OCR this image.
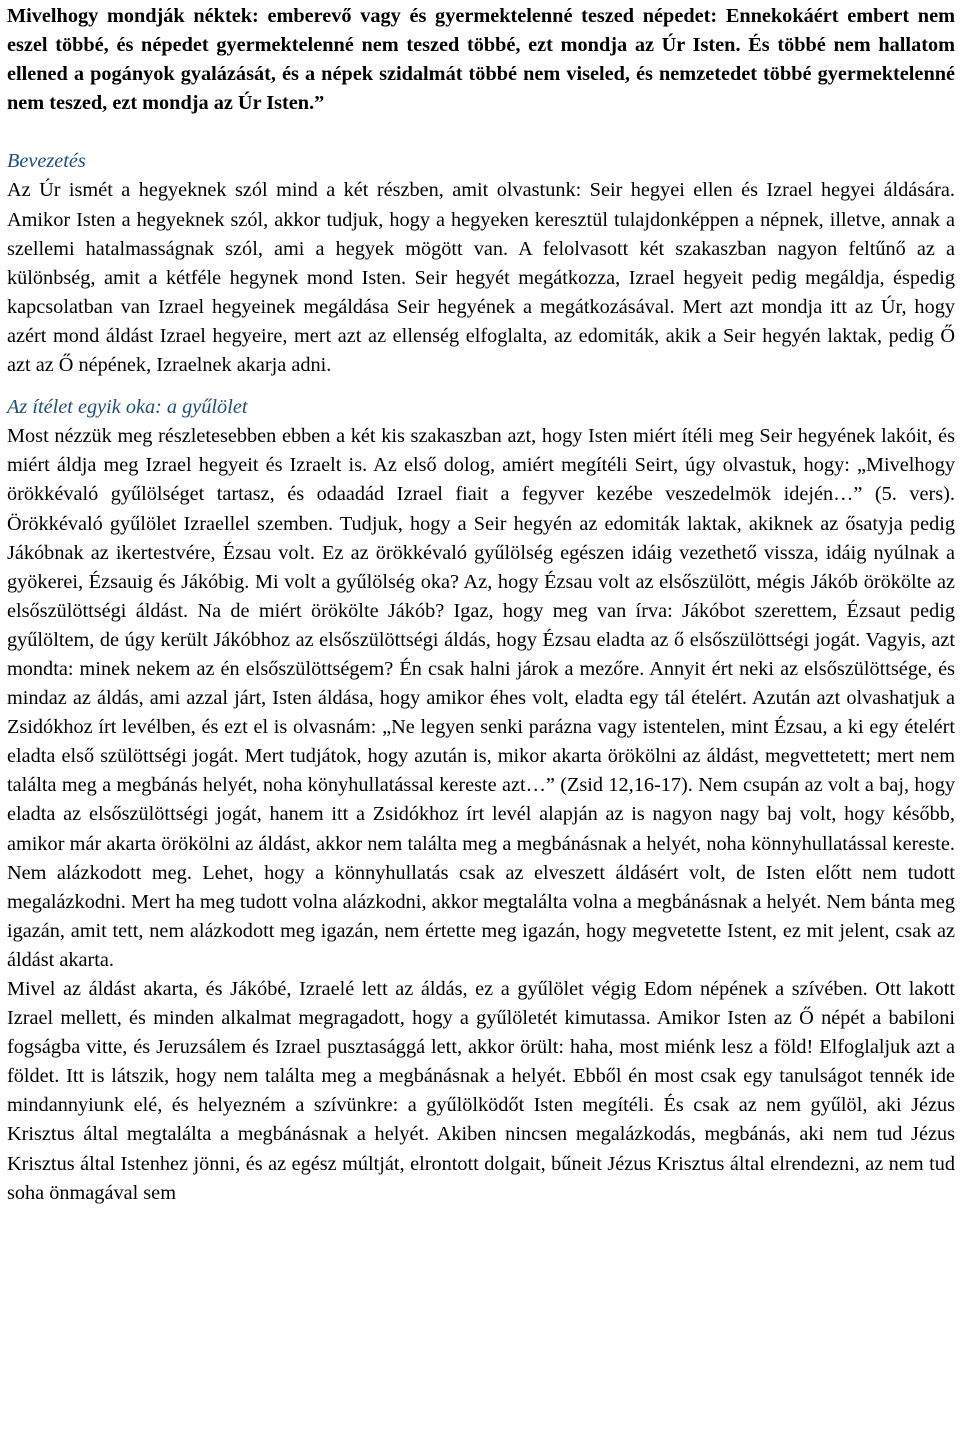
Mivelhogy mondják néktek: emberevő vagy és gyermektelenné teszed népedet: Ennekokáért embert nem eszel többé, és népedet gyermektelenné nem teszed többé, ezt mondja az Úr Isten. És többé nem hallatom ellened a pogányok gyalázását, és a népek szidalmát többé nem viseled, és nemzetedet többé gyermektelenné nem teszed, ezt mondja az Úr Isten.”

Bevezetés

Az Úr ismét a hegyeknek szól mind a két részben, amit olvastunk: Seir hegyei ellen és Izrael hegyei áldására. Amikor Isten a hegyeknek szól, akkor tudjuk, hogy a hegyeken keresztül tulajdonképpen a népnek, illetve, annak a szellemi hatalmasságnak szól, ami a hegyek mögött van. A felolvasott két szakaszban nagyon feltűnő az a különbség, amit a kétféle hegynek mond Isten. Seir hegyét megátkozza, Izrael hegyeit pedig megáldja, éspedig kapcsolatban van Izrael hegyeinek megáldása Seir hegyének a megátkozásával. Mert azt mondja itt az Úr, hogy azért mond áldást Izrael hegyeire, mert azt az ellenség elfoglalta, az edomiták, akik a Seir hegyén laktak, pedig Ő azt az Ő népének, Izraelnek akarja adni.

Az ítélet egyik oka: a gyűlölet

Most nézzük meg részletesebben ebben a két kis szakaszban azt, hogy Isten miért ítéli meg Seir hegyének lakóit, és miért áldja meg Izrael hegyeit és Izraelt is. Az első dolog, amiért megítéli Seirt, úgy olvastuk, hogy: „Mivelhogy örökkévaló gyűlölséget tartasz, és odaadád Izrael fiait a fegyver kezébe veszedelmök idején…” (5. vers). Örökkévaló gyűlölet Izraellel szemben. Tudjuk, hogy a Seir hegyén az edomiták laktak, akiknek az ősatyja pedig Jákóbnak az ikertestvére, Ézsau volt. Ez az örökkévaló gyűlölség egészen idáig vezethető vissza, idáig nyúlnak a gyökerei, Ézsauig és Jákóbig. Mi volt a gyűlölség oka? Az, hogy Ézsau volt az elsőszülött, mégis Jákób örökölte az elsőszülöttségi áldást. Na de miért örökölte Jákób? Igaz, hogy meg van írva: Jákóbot szerettem, Ézsaut pedig gyűlöltem, de úgy került Jákóbhoz az elsőszülöttségi áldás, hogy Ézsau eladta az ő elsőszülöttségi jogát. Vagyis, azt mondta: minek nekem az én elsőszülöttségem? Én csak halni járok a mezőre. Annyit ért neki az elsőszülöttsége, és mindaz az áldás, ami azzal járt, Isten áldása, hogy amikor éhes volt, eladta egy tál ételért. Azután azt olvashatjuk a Zsidókhoz írt levélben, és ezt el is olvasnám: „Ne legyen senki parázna vagy istentelen, mint Ézsau, a ki egy ételért eladta első szülöttségi jogát. Mert tudjátok, hogy azután is, mikor akarta örökölni az áldást, megvettetett; mert nem találta meg a megbánás helyét, noha könyhullatással kereste azt…” (Zsid 12,16-17). Nem csupán az volt a baj, hogy eladta az elsőszülöttségi jogát, hanem itt a Zsidókhoz írt levél alapján az is nagyon nagy baj volt, hogy később, amikor már akarta örökölni az áldást, akkor nem találta meg a megbánásnak a helyét, noha könnyhullatással kereste. Nem alázkodott meg. Lehet, hogy a könnyhullatás csak az elveszett áldásért volt, de Isten előtt nem tudott megalázkodni. Mert ha meg tudott volna alázkodni, akkor megtalálta volna a megbánásnak a helyét. Nem bánta meg igazán, amit tett, nem alázkodott meg igazán, nem értette meg igazán, hogy megvetette Istent, ez mit jelent, csak az áldást akarta.

Mivel az áldást akarta, és Jákóbé, Izraelé lett az áldás, ez a gyűlölet végig Edom népének a szívében. Ott lakott Izrael mellett, és minden alkalmat megragadott, hogy a gyűlöletét kimutassa. Amikor Isten az Ő népét a babiloni fogságba vitte, és Jeruzsálem és Izrael pusztasággá lett, akkor örült: haha, most miénk lesz a föld! Elfoglaljuk azt a földet. Itt is látszik, hogy nem találta meg a megbánásnak a helyét. Ebből én most csak egy tanulságot tennék ide mindannyiunk elé, és helyezném a szívünkre: a gyűlölködőt Isten megítéli. És csak az nem gyűlöl, aki Jézus Krisztus által megtalálta a megbánásnak a helyét. Akiben nincsen megalázkodás, megbánás, aki nem tud Jézus Krisztus által Istenhez jönni, és az egész múltját, elrontott dolgait, bűneit Jézus Krisztus által elrendezni, az nem tud soha önmagával sem
